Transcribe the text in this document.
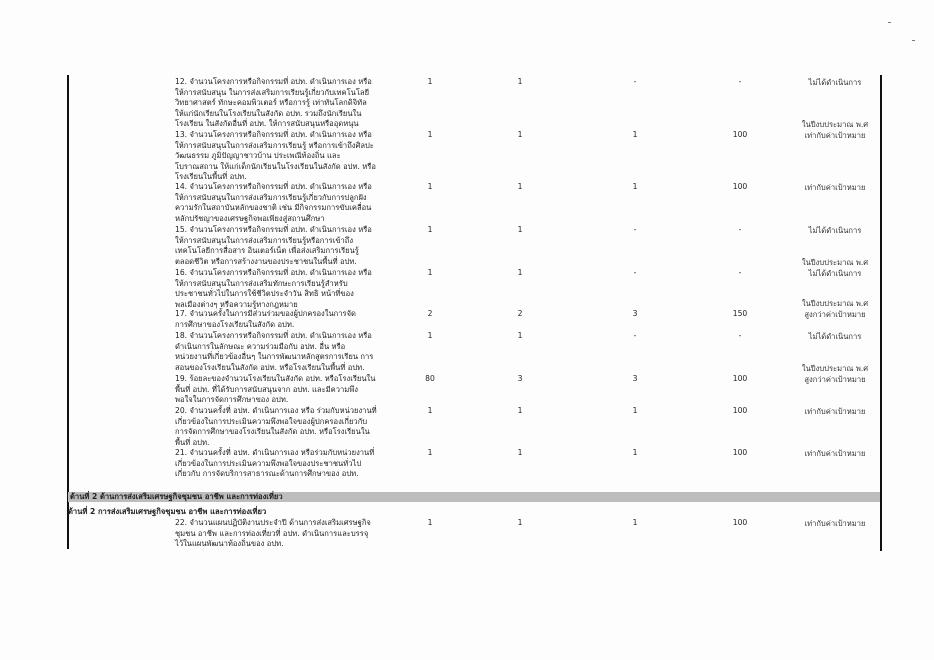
12. จำนวนโครงการหรือกิจกรรมที่ อปท. ดำเนินการเอง หรือ
ให้การสนับสนุน ในการส่งเสริมการเรียนรู้เกี่ยวกับเทคโนโลยี
วิทยาศาสตร์ ทักษะคอมพิวเตอร์ หรือการรู้ เท่าทันโลกดิจิทัล
ให้แก่นักเรียนในโรงเรียนในสังกัด อปท. รวมถึงนักเรียนใน
โรงเรียน ในสังกัดอื่นที่ อปท. ให้การสนับสนุนหรืออุดหนุน
1	1	-	-	ไม่ได้ดำเนินการ
13. จำนวนโครงการหรือกิจกรรมที่ อปท. ดำเนินการเอง หรือ
ให้การสนับสนุนในการส่งเสริมการเรียนรู้ หรือการเข้าถึงศิลปะ
วัฒนธรรม ภูมิปัญญาชาวบ้าน ประเพณีท้องถิ่น และ
โบราณสถาน ให้แก่เด็กนักเรียนในโรงเรียนในสังกัด อปท. หรือ
โรงเรียนในพื้นที่ อปท.
1	1	1	100
ในปีงบประมาณ พ.ศ
เท่ากับค่าเป้าหมาย
14. จำนวนโครงการหรือกิจกรรมที่ อปท. ดำเนินการเอง หรือ
ให้การสนับสนุนในการส่งเสริมการเรียนรู้เกี่ยวกับการปลูกฝัง
ความรักในสถาบันหลักของชาติ เช่น มีกิจกรรมการขับเคลื่อน
หลักปรัชญาของเศรษฐกิจพอเพียงสู่สถานศึกษา
1	1	1	100	เท่ากับค่าเป้าหมาย
15. จำนวนโครงการหรือกิจกรรมที่ อปท. ดำเนินการเอง หรือ
ให้การสนับสนุนในการส่งเสริมการเรียนรู้หรือการเข้าถึง
เทคโนโลยีการสื่อสาร อินเตอร์เน็ต เพื่อส่งเสริมการเรียนรู้
ตลอดชีวิต หรือการสร้างงานของประชาชนในพื้นที่ อปท.
1	1	-	-	ไม่ได้ดำเนินการ
16. จำนวนโครงการหรือกิจกรรมที่ อปท. ดำเนินการเอง หรือ
ให้การสนับสนุนในการส่งเสริมทักษะการเรียนรู้สำหรับ
ประชาชนทั่วไปในการใช้ชีวิตประจำวัน สิทธิ หน้าที่ของ
พลเมืองต่างๆ หรือความรู้ทางกฎหมาย
1	1	-	-
ในปีงบประมาณ พ.ศ
ไม่ได้ดำเนินการ
17. จำนวนครั้งในการมีส่วนร่วมของผู้ปกครองในการจัด
การศึกษาของโรงเรียนในสังกัด อปท.
2	2	3	150
ในปีงบประมาณ พ.ศ
สูงกว่าค่าเป้าหมาย
18. จำนวนโครงการหรือกิจกรรมที่ อปท. ดำเนินการเอง หรือ
ดำเนินการในลักษณะ ความร่วมมือกับ อปท. อื่น หรือ
หน่วยงานที่เกี่ยวข้องอื่นๆ ในการพัฒนาหลักสูตรการเรียน การ
สอนของโรงเรียนในสังกัด อปท. หรือโรงเรียนในพื้นที่ อปท.
1	1	-	-	ไม่ได้ดำเนินการ
19. ร้อยละของจำนวนโรงเรียนในสังกัด อปท. หรือโรงเรียนใน
พื้นที่ อปท. ที่ได้รับการสนับสนุนจาก อปท. และมีความพึง
พอใจในการจัดการศึกษาของ อปท.
80	3	3	100
ในปีงบประมาณ พ.ศ
สูงกว่าค่าเป้าหมาย
20. จำนวนครั้งที่ อปท. ดำเนินการเอง หรือ ร่วมกับหน่วยงานที่
เกี่ยวข้องในการประเมินความพึงพอใจของผู้ปกครองเกี่ยวกับ
การจัดการศึกษาของโรงเรียนในสังกัด อปท. หรือโรงเรียนใน
พื้นที่ อปท.
1	1	1	100	เท่ากับค่าเป้าหมาย
21. จำนวนครั้งที่ อปท. ดำเนินการเอง หรือร่วมกับหน่วยงานที่
เกี่ยวข้องในการประเมินความพึงพอใจของประชาชนทั่วไป
เกี่ยวกับ การจัดบริการสาธารณะด้านการศึกษาของ อปท.
1	1	1	100	เท่ากับค่าเป้าหมาย
22. จำนวนแผนปฏิบัติงานประจำปี ด้านการส่งเสริมเศรษฐกิจ
ชุมชน อาชีพ และการท่องเที่ยวที่ อปท. ดำเนินการและบรรจุ
ไว้ในแผนพัฒนาท้องถิ่นของ อปท.
1	1	1	100	เท่ากับค่าเป้าหมาย
ด้านที่ 2 ด้านการส่งเสริมเศรษฐกิจชุมชน อาชีพ และการท่องเที่ยว
ด้านที่ 2 การส่งเสริมเศรษฐกิจชุมชน อาชีพ และการท่องเที่ยว
